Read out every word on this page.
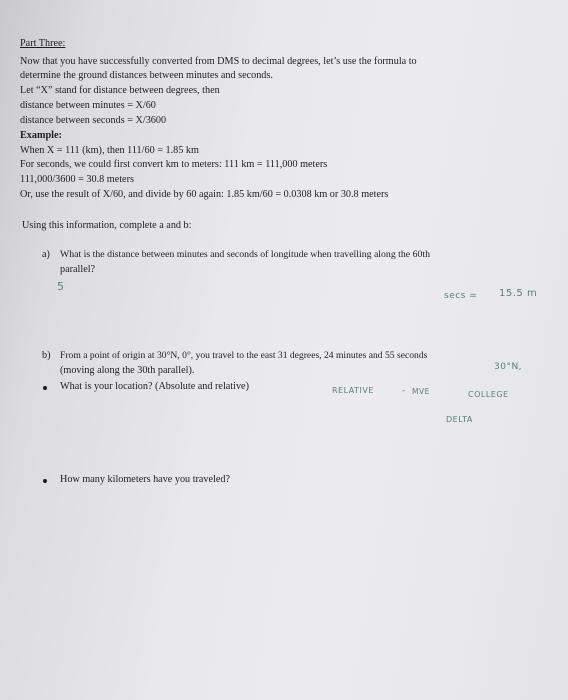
Part Three:
Now that you have successfully converted from DMS to decimal degrees, let’s use the formula to
determine the ground distances between minutes and seconds.
Let “X” stand for distance between degrees, then
distance between minutes = X/60
distance between seconds = X/3600
Example:
When X = 111 (km), then 111/60 = 1.85 km
For seconds, we could first convert km to meters: 111 km = 111,000 meters
111,000/3600 = 30.8 meters
Or, use the result of X/60, and divide by 60 again: 1.85 km/60 = 0.0308 km or 30.8 meters
Using this information, complete a and b:
a) What is the distance between minutes and seconds of longitude when travelling along the 60th
parallel?
5
secs = 15.5 m
b) From a point of origin at 30°N, 0°, you travel to the east 31 degrees, 24 minutes and 55 seconds
(moving along the 30th parallel).	30°N,
What is your location? (Absolute and relative)	RELATIVE	- MVE	COLLEGE
DELTA
How many kilometers have you traveled?
